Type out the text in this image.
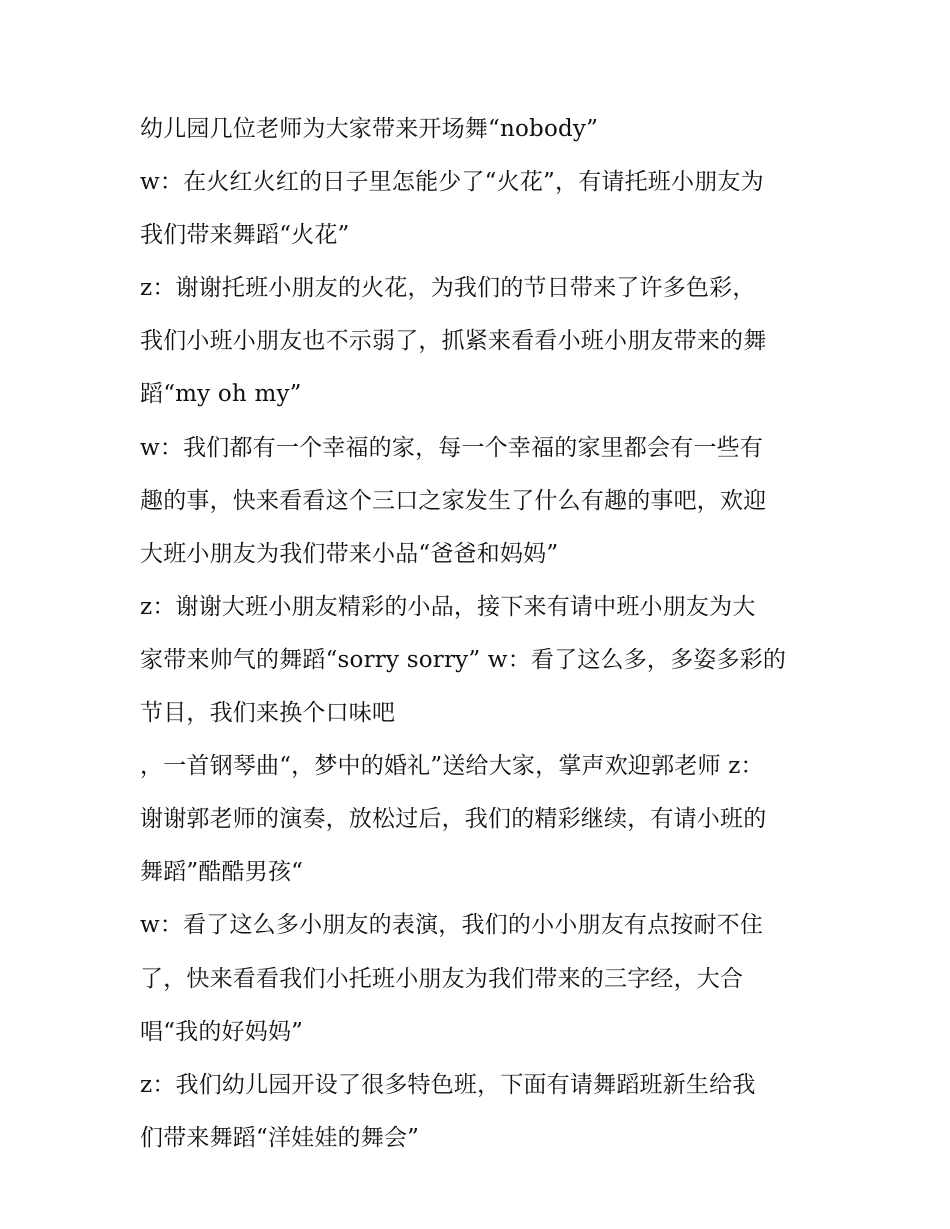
幼儿园几位老师为大家带来开场舞“nobody”
w：在火红火红的日子里怎能少了“火花”，有请托班小朋友为
我们带来舞蹈“火花”
z：谢谢托班小朋友的火花，为我们的节日带来了许多色彩，
我们小班小朋友也不示弱了，抓紧来看看小班小朋友带来的舞
蹈“my oh my”
w：我们都有一个幸福的家，每一个幸福的家里都会有一些有
趣的事，快来看看这个三口之家发生了什么有趣的事吧，欢迎
大班小朋友为我们带来小品“爸爸和妈妈”
z：谢谢大班小朋友精彩的小品，接下来有请中班小朋友为大
家带来帅气的舞蹈“sorry sorry” w：看了这么多，多姿多彩的
节目，我们来换个口味吧
，一首钢琴曲“，梦中的婚礼”送给大家，掌声欢迎郭老师 z：
谢谢郭老师的演奏，放松过后，我们的精彩继续，有请小班的
舞蹈”酷酷男孩“
w：看了这么多小朋友的表演，我们的小小朋友有点按耐不住
了，快来看看我们小托班小朋友为我们带来的三字经，大合
唱“我的好妈妈”
z：我们幼儿园开设了很多特色班，下面有请舞蹈班新生给我
们带来舞蹈“洋娃娃的舞会”
